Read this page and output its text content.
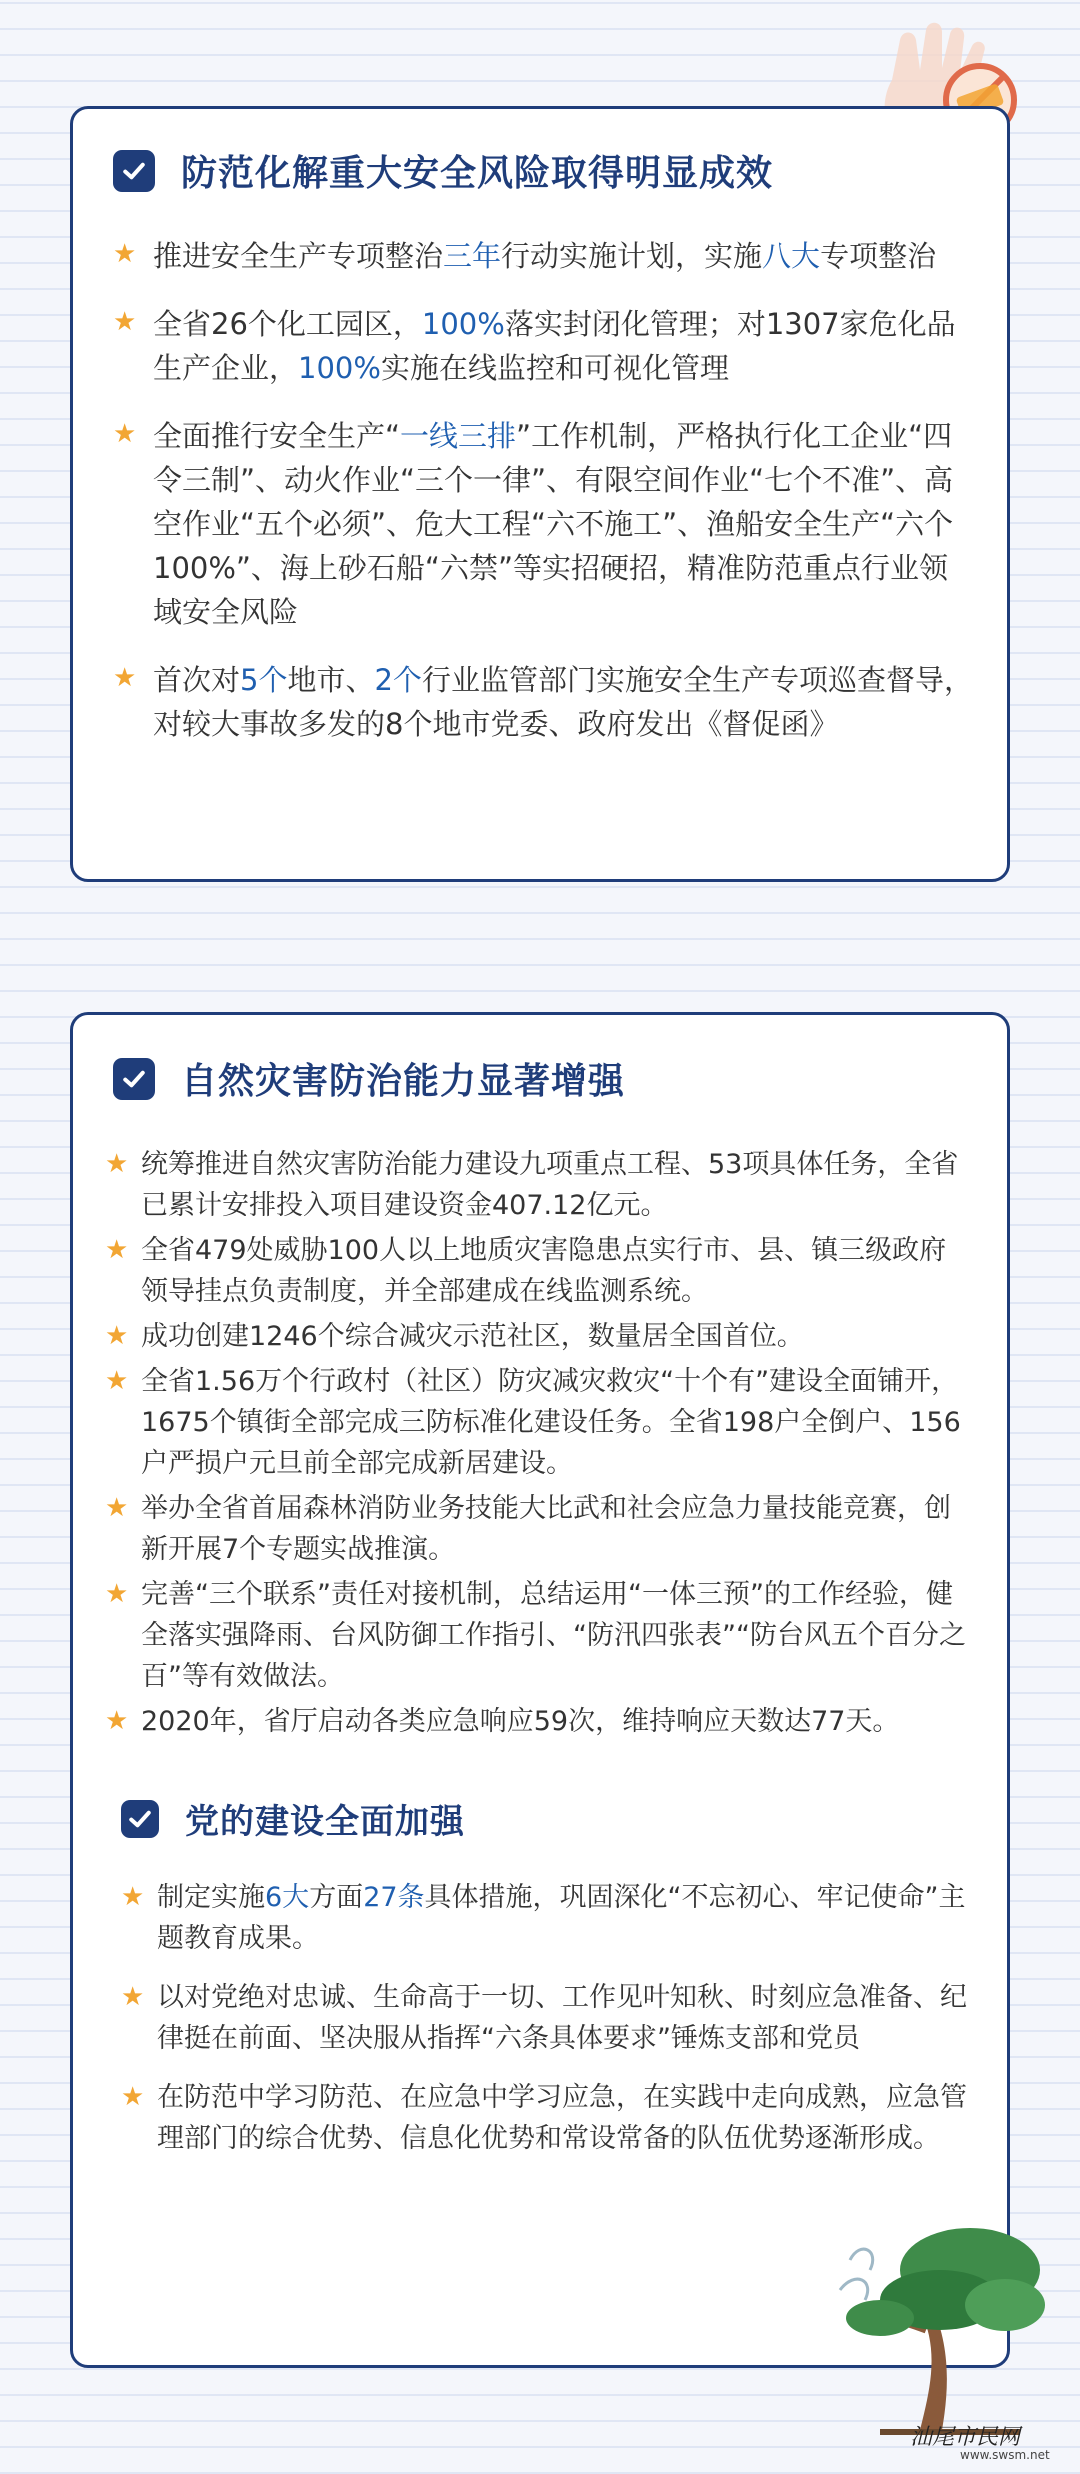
防范化解重大安全风险取得明显成效
★ 推进安全生产专项整治三年行动实施计划，实施八大专项整治
★ 全省26个化工园区，100%落实封闭化管理；对1307家危化品生产企业，100%实施在线监控和可视化管理
★ 全面推行安全生产“一线三排”工作机制，严格执行化工企业“四令三制”、动火作业“三个一律”、有限空间作业“七个不准”、高空作业“五个必须”、危大工程“六不施工”、渔船安全生产“六个100%”、海上砂石船“六禁”等实招硬招，精准防范重点行业领域安全风险
★ 首次对5个地市、2个行业监管部门实施安全生产专项巡查督导，对较大事故多发的8个地市党委、政府发出《督促函》
自然灾害防治能力显著增强
★ 统筹推进自然灾害防治能力建设九项重点工程、53项具体任务，全省已累计安排投入项目建设资金407.12亿元。
★ 全省479处威胁100人以上地质灾害隐患点实行市、县、镇三级政府领导挂点负责制度，并全部建成在线监测系统。
★ 成功创建1246个综合减灾示范社区，数量居全国首位。
★ 全省1.56万个行政村（社区）防灾减灾救灾“十个有”建设全面铺开，1675个镇街全部完成三防标准化建设任务。全省198户全倒户、156户严损户元旦前全部完成新居建设。
★ 举办全省首届森林消防业务技能大比武和社会应急力量技能竞赛，创新开展7个专题实战推演。
★ 完善“三个联系”责任对接机制，总结运用“一体三预”的工作经验，健全落实强降雨、台风防御工作指引、“防汛四张表”“防台风五个百分之百”等有效做法。
★ 2020年，省厅启动各类应急响应59次，维持响应天数达77天。
党的建设全面加强
★ 制定实施6大方面27条具体措施，巩固深化“不忘初心、牢记使命”主题教育成果。
★ 以对党绝对忠诚、生命高于一切、工作见叶知秋、时刻应急准备、纪律挺在前面、坚决服从指挥“六条具体要求”锤炼支部和党员
★ 在防范中学习防范、在应急中学习应急，在实践中走向成熟，应急管理部门的综合优势、信息化优势和常设常备的队伍优势逐渐形成。
汕尾市民网
www.swsm.net
